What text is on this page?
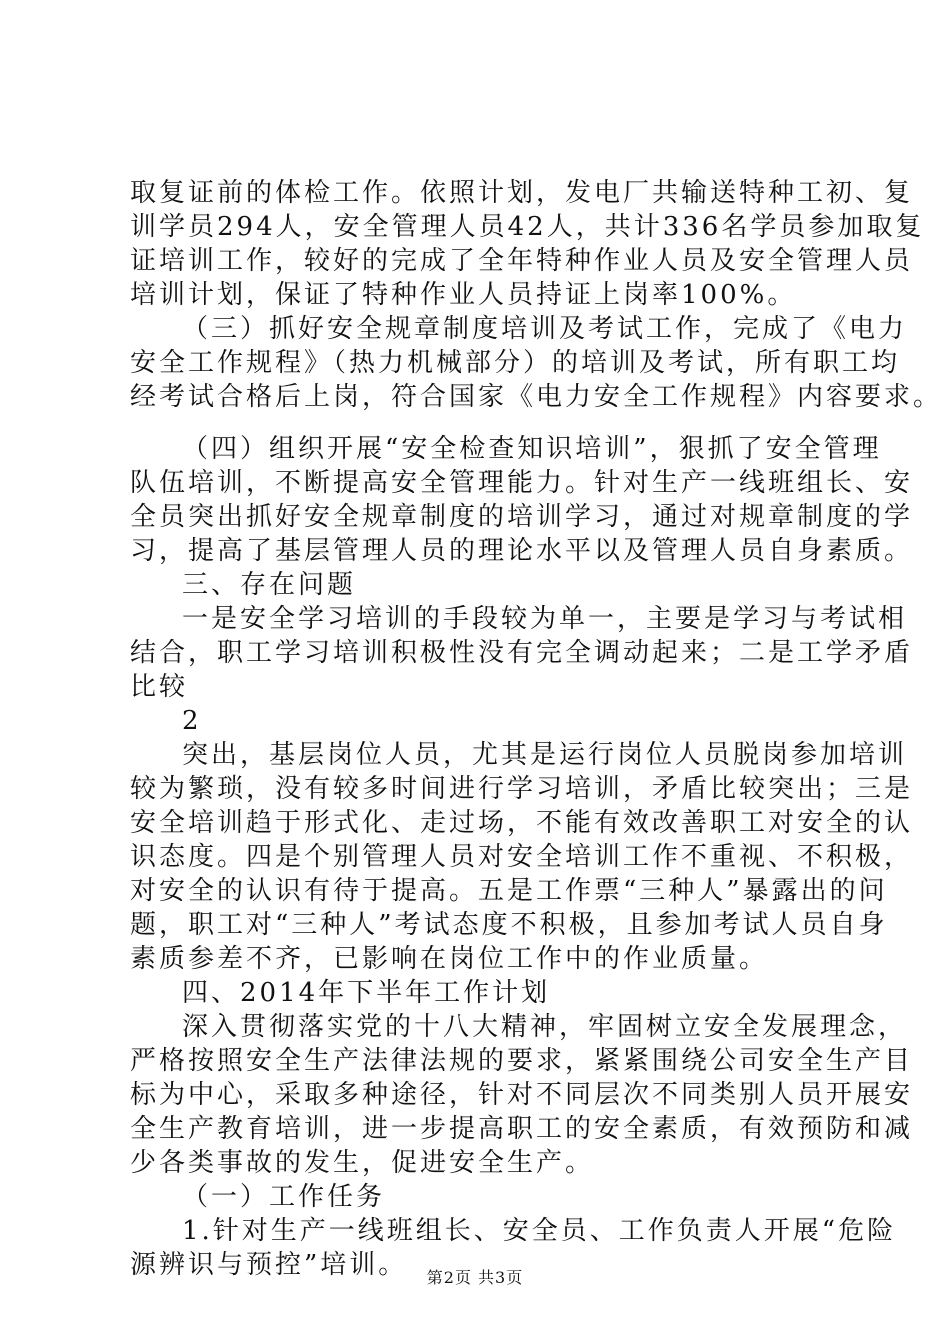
取复证前的体检工作。依照计划，发电厂共输送特种工初、复
训学员294人，安全管理人员42人，共计336名学员参加取复
证培训工作，较好的完成了全年特种作业人员及安全管理人员
培训计划，保证了特种作业人员持证上岗率100%。
（三）抓好安全规章制度培训及考试工作，完成了《电力
安全工作规程》（热力机械部分）的培训及考试，所有职工均
经考试合格后上岗，符合国家《电力安全工作规程》内容要求。
（四）组织开展“安全检查知识培训”，狠抓了安全管理
队伍培训，不断提高安全管理能力。针对生产一线班组长、安
全员突出抓好安全规章制度的培训学习，通过对规章制度的学
习，提高了基层管理人员的理论水平以及管理人员自身素质。
三、存在问题
一是安全学习培训的手段较为单一，主要是学习与考试相
结合，职工学习培训积极性没有完全调动起来；二是工学矛盾
比较
2
突出，基层岗位人员，尤其是运行岗位人员脱岗参加培训
较为繁琐，没有较多时间进行学习培训，矛盾比较突出；三是
安全培训趋于形式化、走过场，不能有效改善职工对安全的认
识态度。四是个别管理人员对安全培训工作不重视、不积极，
对安全的认识有待于提高。五是工作票“三种人”暴露出的问
题，职工对“三种人”考试态度不积极，且参加考试人员自身
素质参差不齐，已影响在岗位工作中的作业质量。
四、2014年下半年工作计划
深入贯彻落实党的十八大精神，牢固树立安全发展理念，
严格按照安全生产法律法规的要求，紧紧围绕公司安全生产目
标为中心，采取多种途径，针对不同层次不同类别人员开展安
全生产教育培训，进一步提高职工的安全素质，有效预防和减
少各类事故的发生，促进安全生产。
（一）工作任务
1.针对生产一线班组长、安全员、工作负责人开展“危险
源辨识与预控”培训。	第2页 共3页
